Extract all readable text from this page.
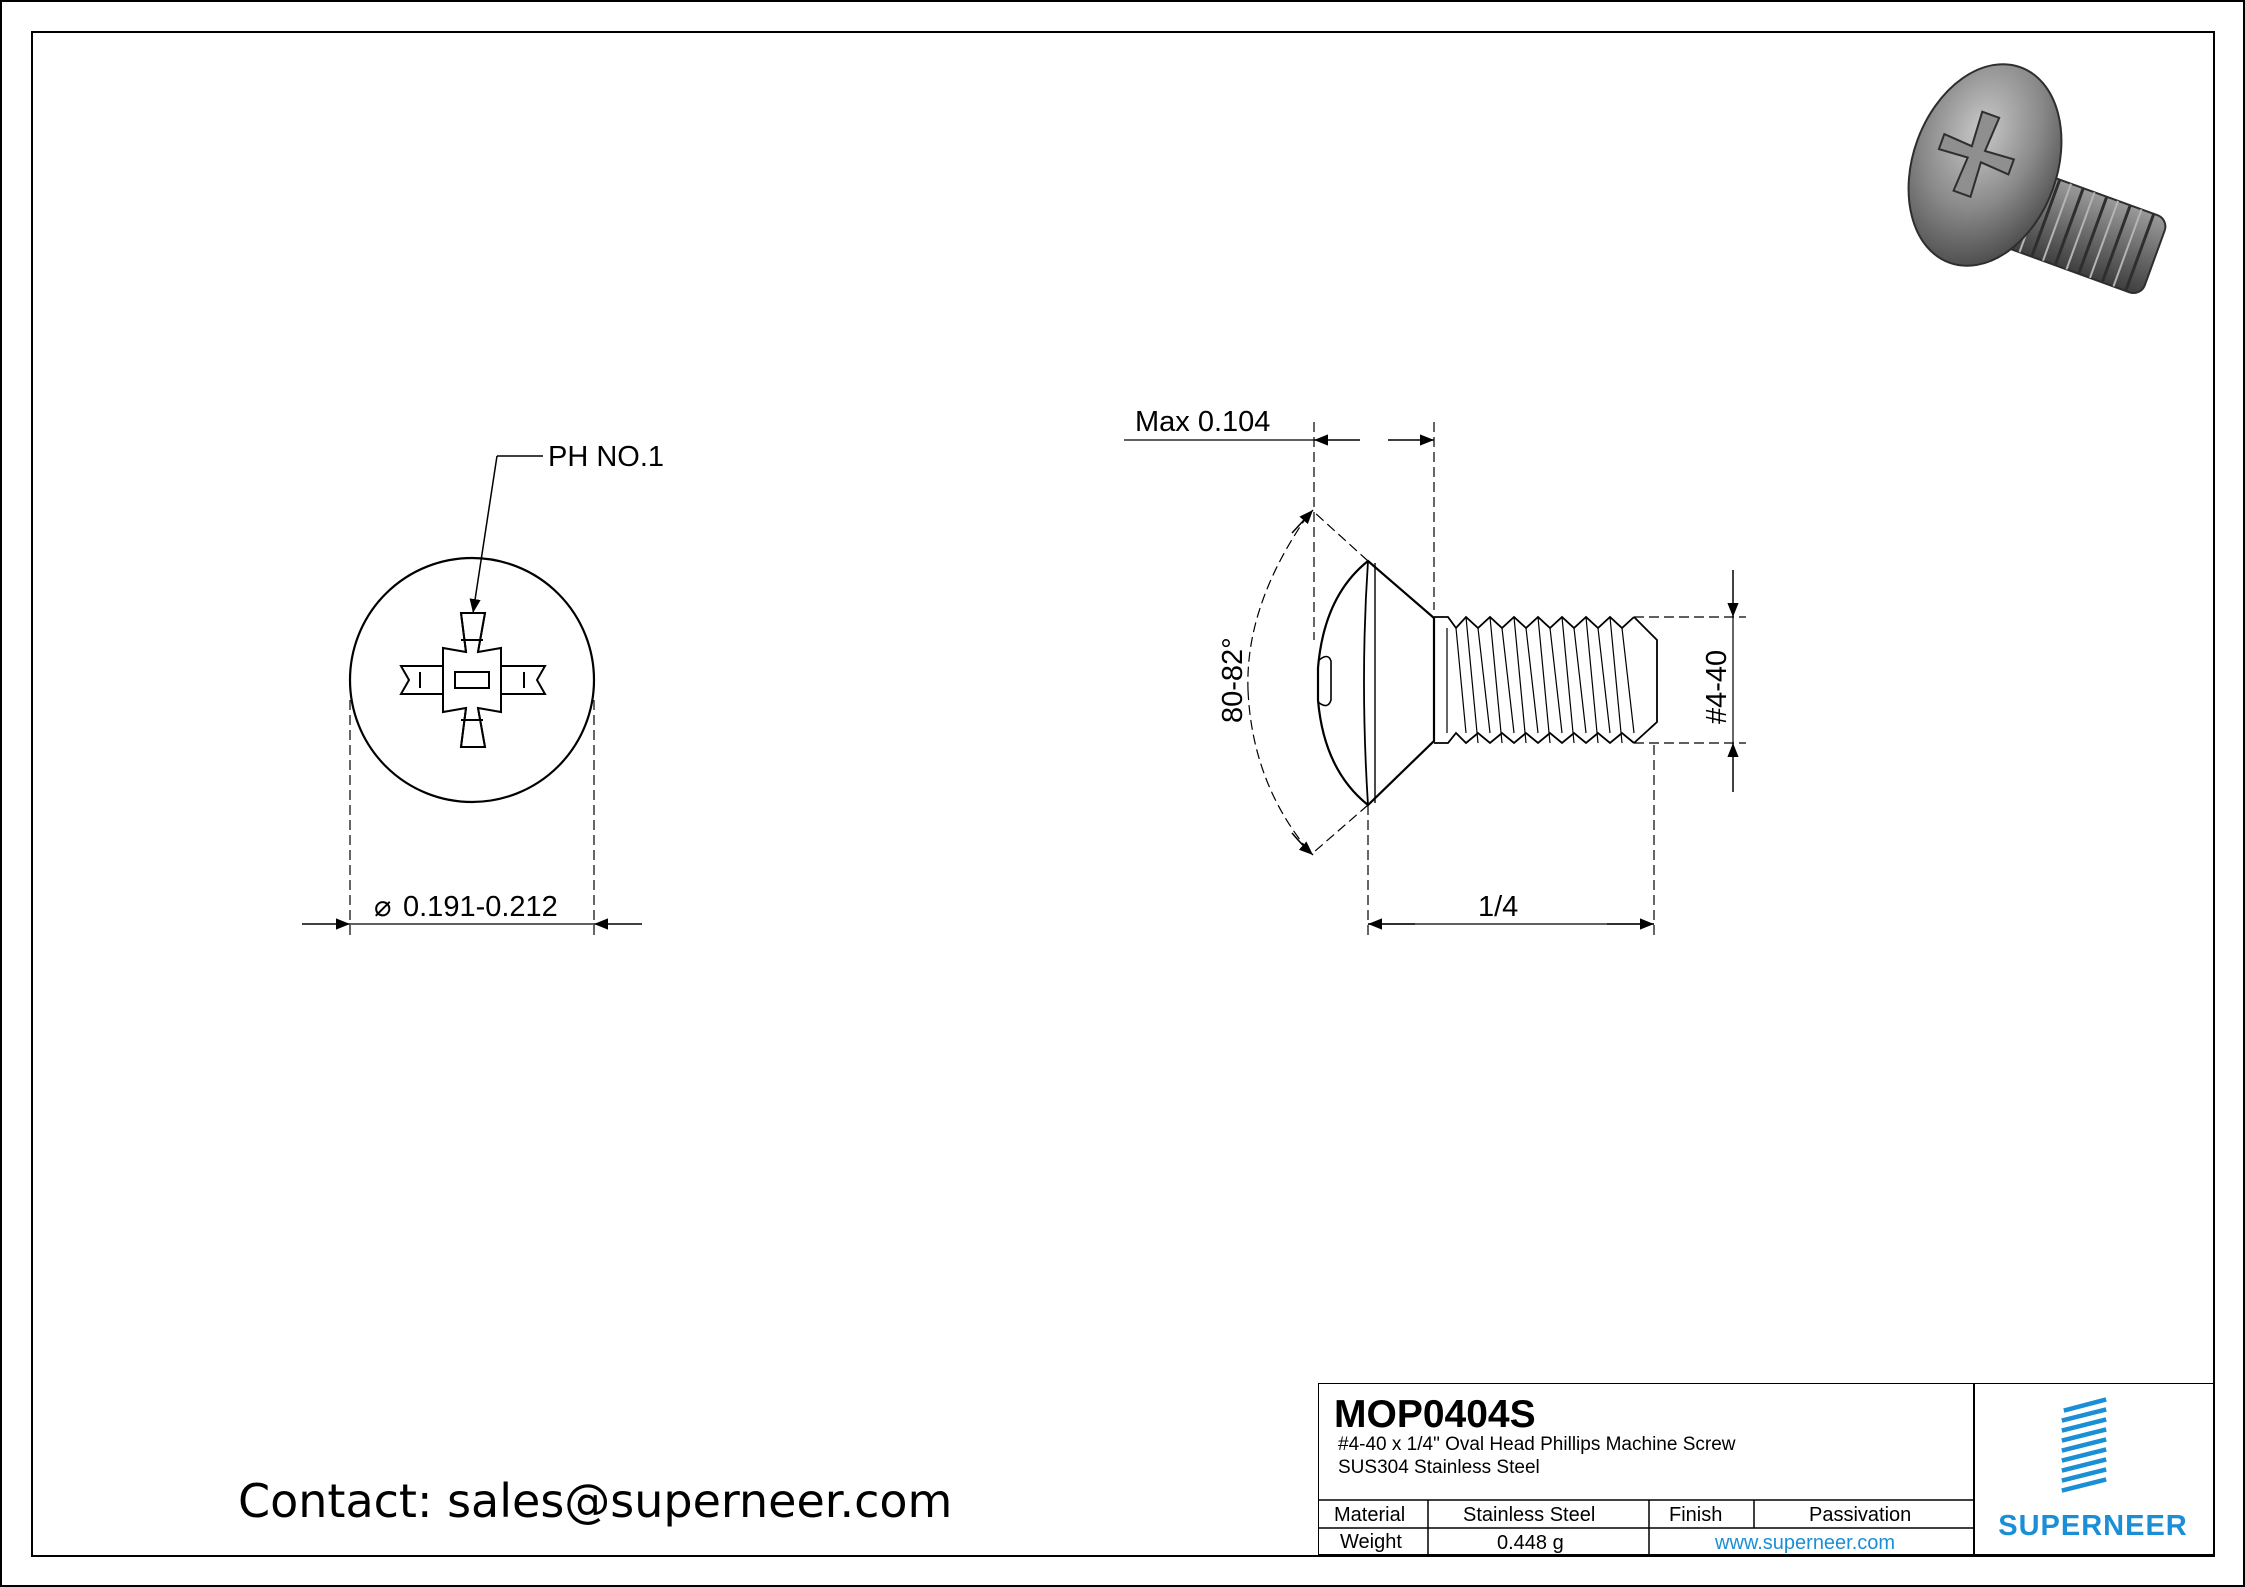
PH NO.1
⌀ 0.191-0.212
Max 0.104
80-82°	#4-40
1/4
Contact: sales@superneer.com
MOP0404S
#4-40 x 1/4" Oval Head Phillips Machine Screw
SUS304 Stainless Steel
Material	Stainless Steel	Finish	Passivation
Weight	0.448 g	www.superneer.com
SUPERNEER
